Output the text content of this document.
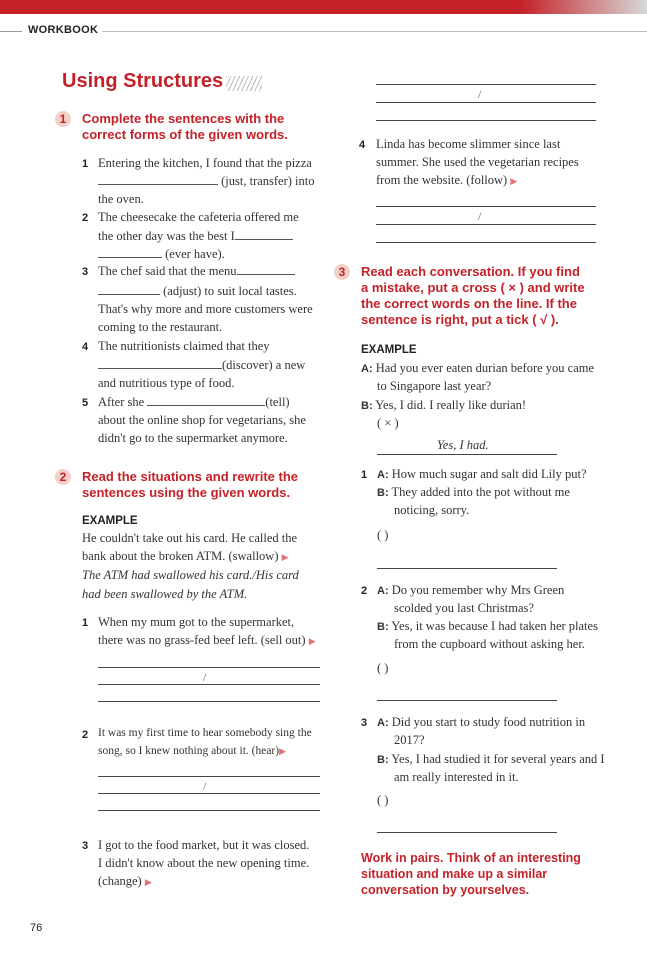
WORKBOOK
Using Structures
1	Complete the sentences with the
correct forms of the given words.
1 Entering the kitchen, I found that the pizza
(just, transfer) into
the oven.
2 The cheesecake the cafeteria offered me
the other day was the best I
(ever have).
3 The chef said that the menu
(adjust) to suit local tastes.
That's why more and more customers were
coming to the restaurant.
4 The nutritionists claimed that they
(discover) a new
and nutritious type of food.
5 After she	(tell)
about the online shop for vegetarians, she
didn't go to the supermarket anymore.
2	Read the situations and rewrite the
sentences using the given words.
EXAMPLE
He couldn't take out his card. He called the
bank about the broken ATM. (swallow) ▶
The ATM had swallowed his card./His card
had been swallowed by the ATM.
1 When my mum got to the supermarket,
there was no grass-fed beef left. (sell out) ▶
/
2 It was my first time to hear somebody sing the
song, so I knew nothing about it. (hear)▶
/
3 I got to the food market, but it was closed.
I didn't know about the new opening time.
(change) ▶
/
4 Linda has become slimmer since last
summer. She used the vegetarian recipes
from the website. (follow) ▶
/
3	Read each conversation. If you find
a mistake, put a cross ( × ) and write
the correct words on the line. If the
sentence is right, put a tick ( √ ).
EXAMPLE
A: Had you ever eaten durian before you came
to Singapore last year?
B: Yes, I did. I really like durian!
( × )
Yes, I had.
1 A: How much sugar and salt did Lily put?
B: They added into the pot without me
noticing, sorry.
( )
2 A: Do you remember why Mrs Green
scolded you last Christmas?
B: Yes, it was because I had taken her plates
from the cupboard without asking her.
( )
3 A: Did you start to study food nutrition in
2017?
B: Yes, I had studied it for several years and I
am really interested in it.
( )
Work in pairs. Think of an interesting
situation and make up a similar
conversation by yourselves.
76
